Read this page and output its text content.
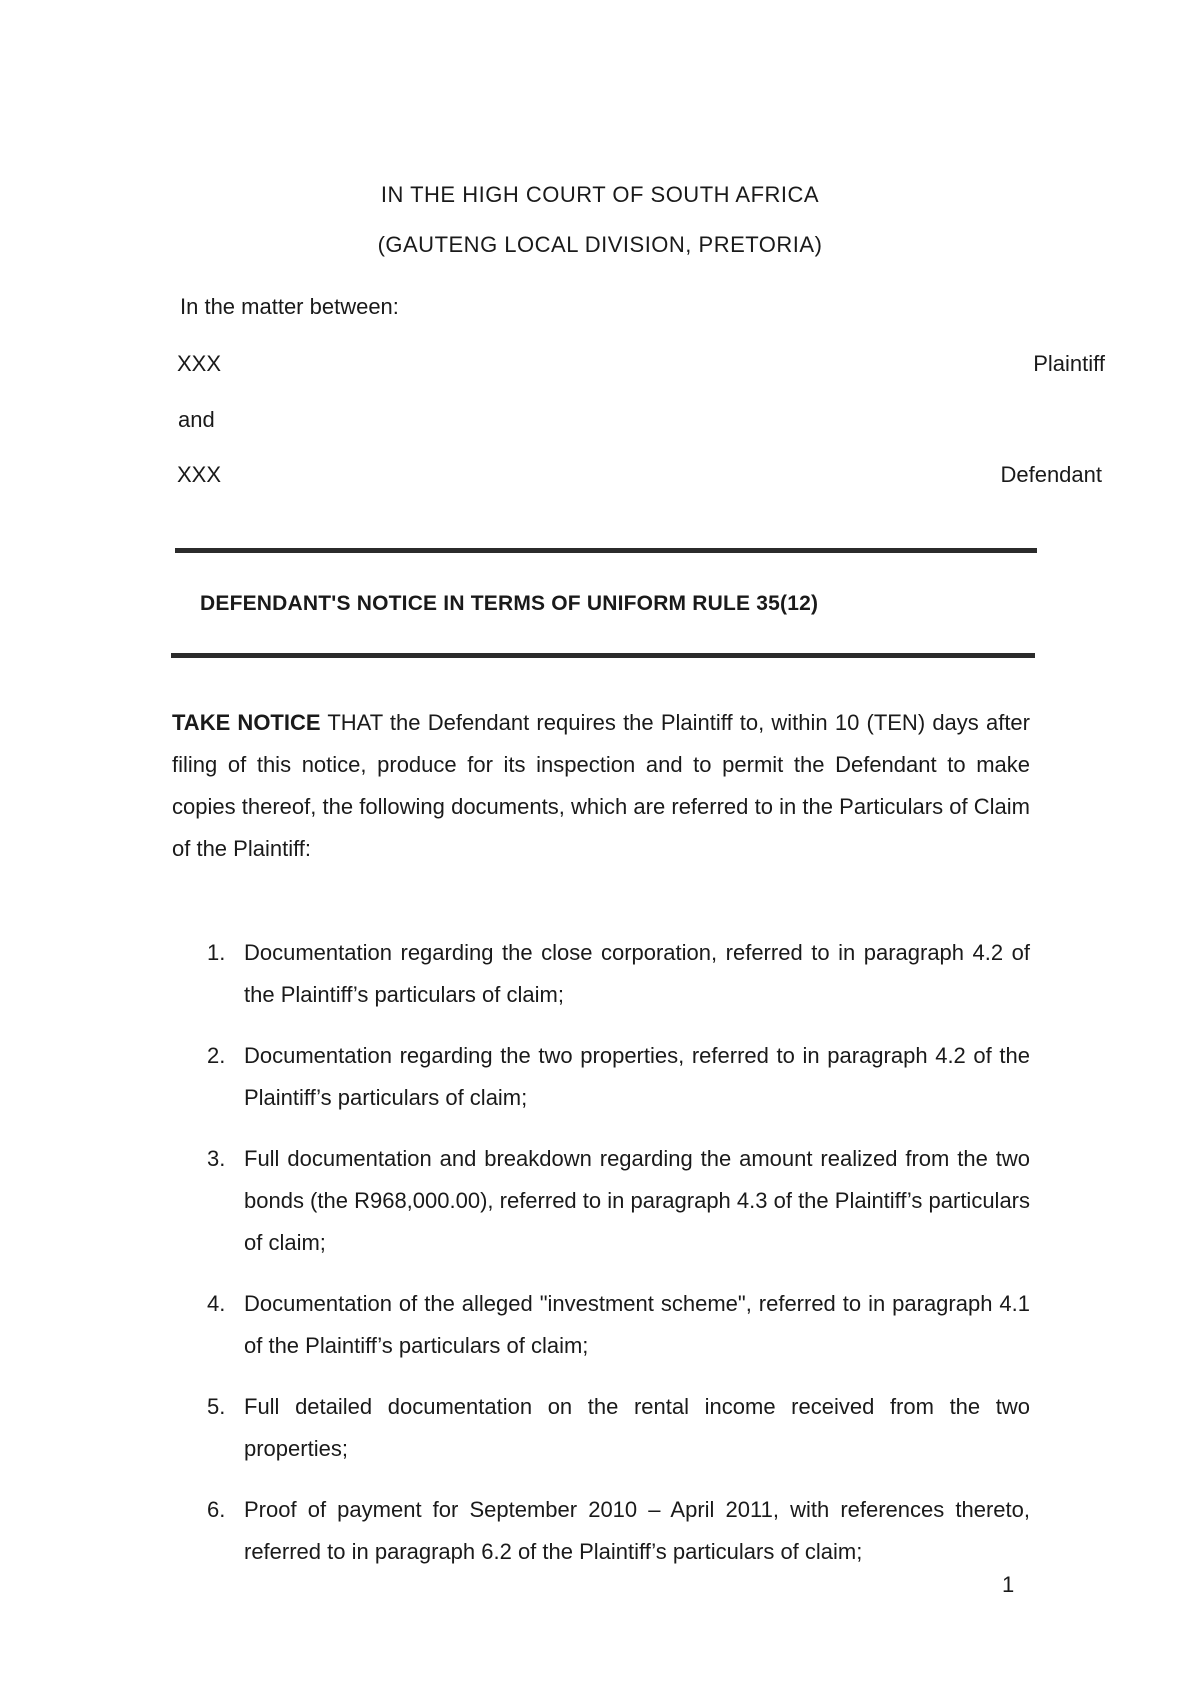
IN THE HIGH COURT OF SOUTH AFRICA
(GAUTENG LOCAL DIVISION, PRETORIA)
In the matter between:
XXX	Plaintiff
and
XXX	Defendant
DEFENDANT'S NOTICE IN TERMS OF UNIFORM RULE 35(12)
TAKE NOTICE THAT the Defendant requires the Plaintiff to, within 10 (TEN) days after filing of this notice, produce for its inspection and to permit the Defendant to make copies thereof, the following documents, which are referred to in the Particulars of Claim of the Plaintiff:
1. Documentation regarding the close corporation, referred to in paragraph 4.2 of the Plaintiff’s particulars of claim;
2. Documentation regarding the two properties, referred to in paragraph 4.2 of the Plaintiff’s particulars of claim;
3. Full documentation and breakdown regarding the amount realized from the two bonds (the R968,000.00), referred to in paragraph 4.3 of the Plaintiff’s particulars of claim;
4. Documentation of the alleged "investment scheme", referred to in paragraph 4.1 of the Plaintiff’s particulars of claim;
5. Full detailed documentation on the rental income received from the two properties;
6. Proof of payment for September 2010 – April 2011, with references thereto, referred to in paragraph 6.2 of the Plaintiff’s particulars of claim;
1
